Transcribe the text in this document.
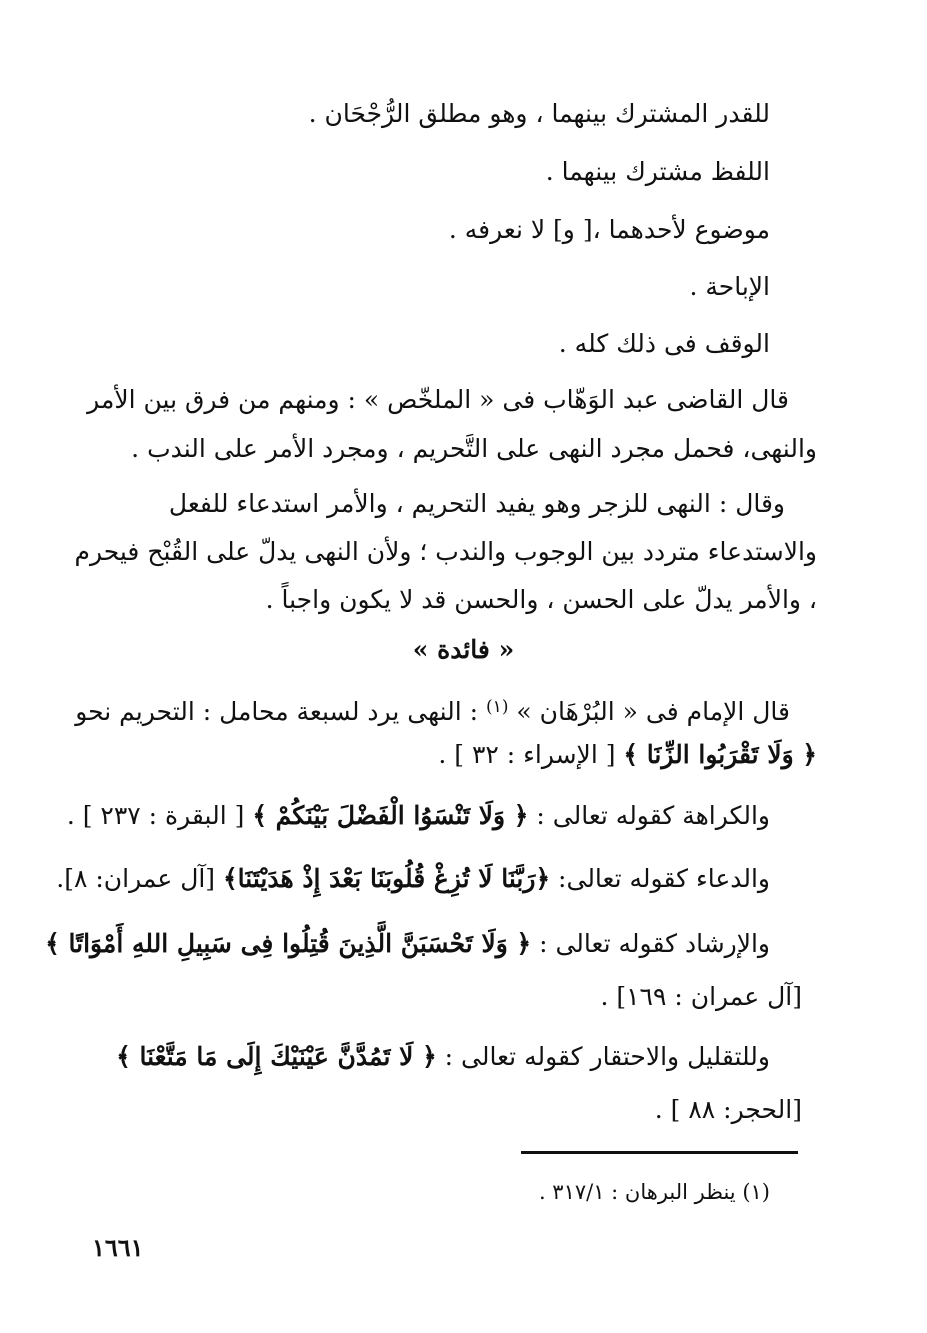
للقدر المشترك بينهما ، وهو مطلق الرُّجْحَان .
اللفظ مشترك بينهما .
موضوع لأحدهما ،[ و] لا نعرفه .
الإباحة .
الوقف فى ذلك كله .
قال القاضى عبد الوَهّاب فى « الملخّص » : ومنهم من فرق بين الأمر
والنهى، فحمل مجرد النهى على التَّحريم ، ومجرد الأمر على الندب .
وقال : النهى للزجر وهو يفيد التحريم ، والأمر استدعاء للفعل
والاستدعاء متردد بين الوجوب والندب ؛ ولأن النهى يدلّ على القُبْح فيحرم
، والأمر يدلّ على الحسن ، والحسن قد لا يكون واجباً .
« فائدة »
قال الإمام فى « البُرْهَان » $^{(١)}$ : النهى يرد لسبعة محامل : التحريم نحو
﴿ وَلَا تَقْرَبُوا الزِّنَا ﴾ [ الإسراء : ٣٢ ] .
والكراهة كقوله تعالى : ﴿ وَلَا تَنْسَوُا الْفَضْلَ بَيْنَكُمْ ﴾ [ البقرة : ٢٣٧ ] .
والدعاء كقوله تعالى: ﴿رَبَّنَا لَا تُزِغْ قُلُوبَنَا بَعْدَ إِذْ هَدَيْتَنَا﴾ [آل عمران: ٨].
والإرشاد كقوله تعالى : ﴿ وَلَا تَحْسَبَنَّ الَّذِينَ قُتِلُوا فِى سَبِيلِ اللهِ أَمْوَاتًا ﴾
[آل عمران : ١٦٩] .
وللتقليل والاحتقار كقوله تعالى : ﴿ لَا تَمُدَّنَّ عَيْنَيْكَ إِلَى مَا مَتَّعْنَا ﴾
[الحجر: ٨٨ ] .
(١) ينظر البرهان : ٣١٧/١ .
١٦٦١
